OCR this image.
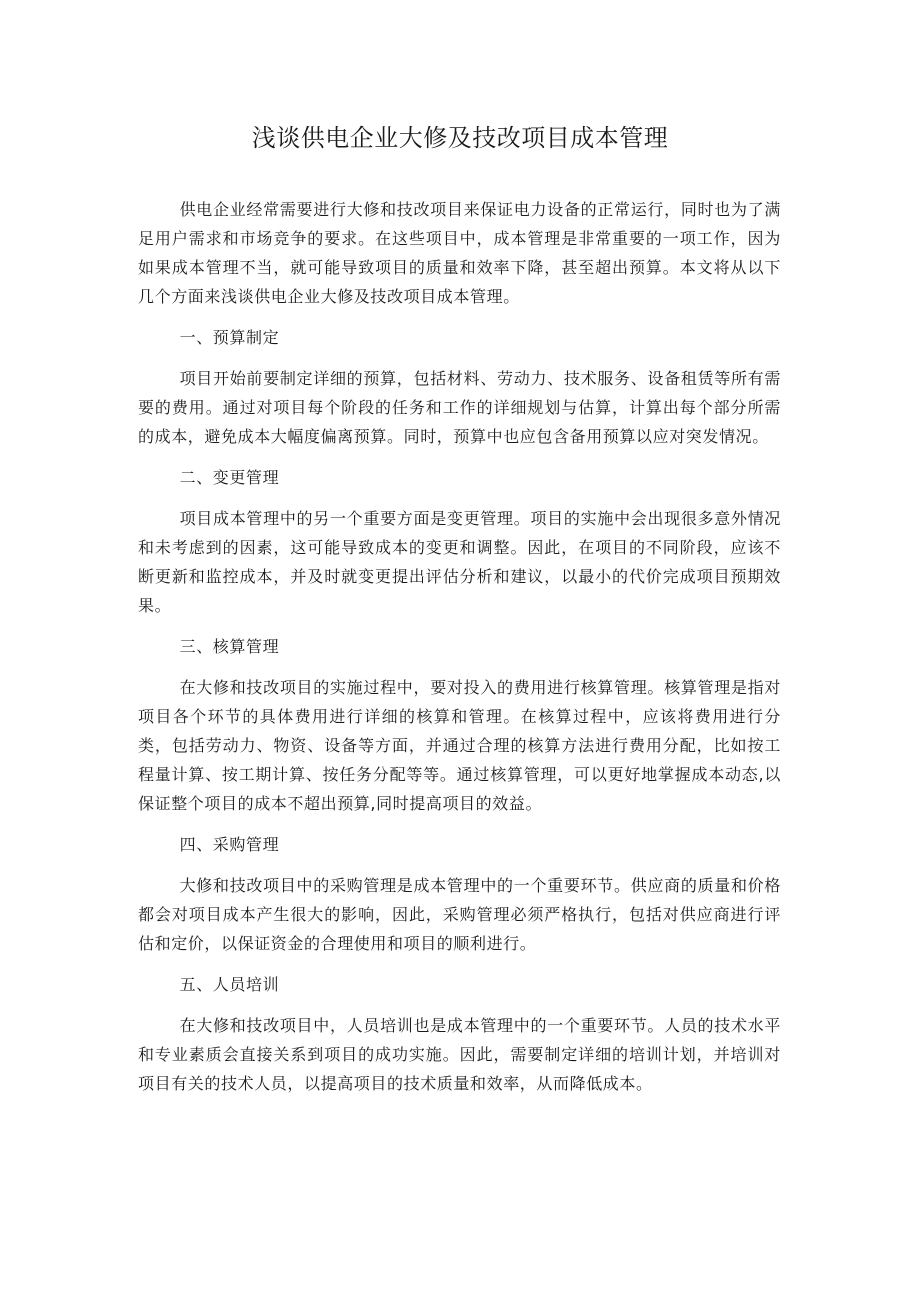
浅谈供电企业大修及技改项目成本管理

供电企业经常需要进行大修和技改项目来保证电力设备的正常运行，同时也为了满足用户需求和市场竞争的要求。在这些项目中，成本管理是非常重要的一项工作，因为如果成本管理不当，就可能导致项目的质量和效率下降，甚至超出预算。本文将从以下几个方面来浅谈供电企业大修及技改项目成本管理。

一、预算制定

项目开始前要制定详细的预算，包括材料、劳动力、技术服务、设备租赁等所有需要的费用。通过对项目每个阶段的任务和工作的详细规划与估算，计算出每个部分所需的成本，避免成本大幅度偏离预算。同时，预算中也应包含备用预算以应对突发情况。

二、变更管理

项目成本管理中的另一个重要方面是变更管理。项目的实施中会出现很多意外情况和未考虑到的因素，这可能导致成本的变更和调整。因此，在项目的不同阶段，应该不断更新和监控成本，并及时就变更提出评估分析和建议，以最小的代价完成项目预期效果。

三、核算管理

在大修和技改项目的实施过程中，要对投入的费用进行核算管理。核算管理是指对项目各个环节的具体费用进行详细的核算和管理。在核算过程中，应该将费用进行分类，包括劳动力、物资、设备等方面，并通过合理的核算方法进行费用分配，比如按工程量计算、按工期计算、按任务分配等等。通过核算管理，可以更好地掌握成本动态,以保证整个项目的成本不超出预算,同时提高项目的效益。

四、采购管理

大修和技改项目中的采购管理是成本管理中的一个重要环节。供应商的质量和价格都会对项目成本产生很大的影响，因此，采购管理必须严格执行，包括对供应商进行评估和定价，以保证资金的合理使用和项目的顺利进行。

五、人员培训

在大修和技改项目中，人员培训也是成本管理中的一个重要环节。人员的技术水平和专业素质会直接关系到项目的成功实施。因此，需要制定详细的培训计划，并培训对项目有关的技术人员，以提高项目的技术质量和效率，从而降低成本。
